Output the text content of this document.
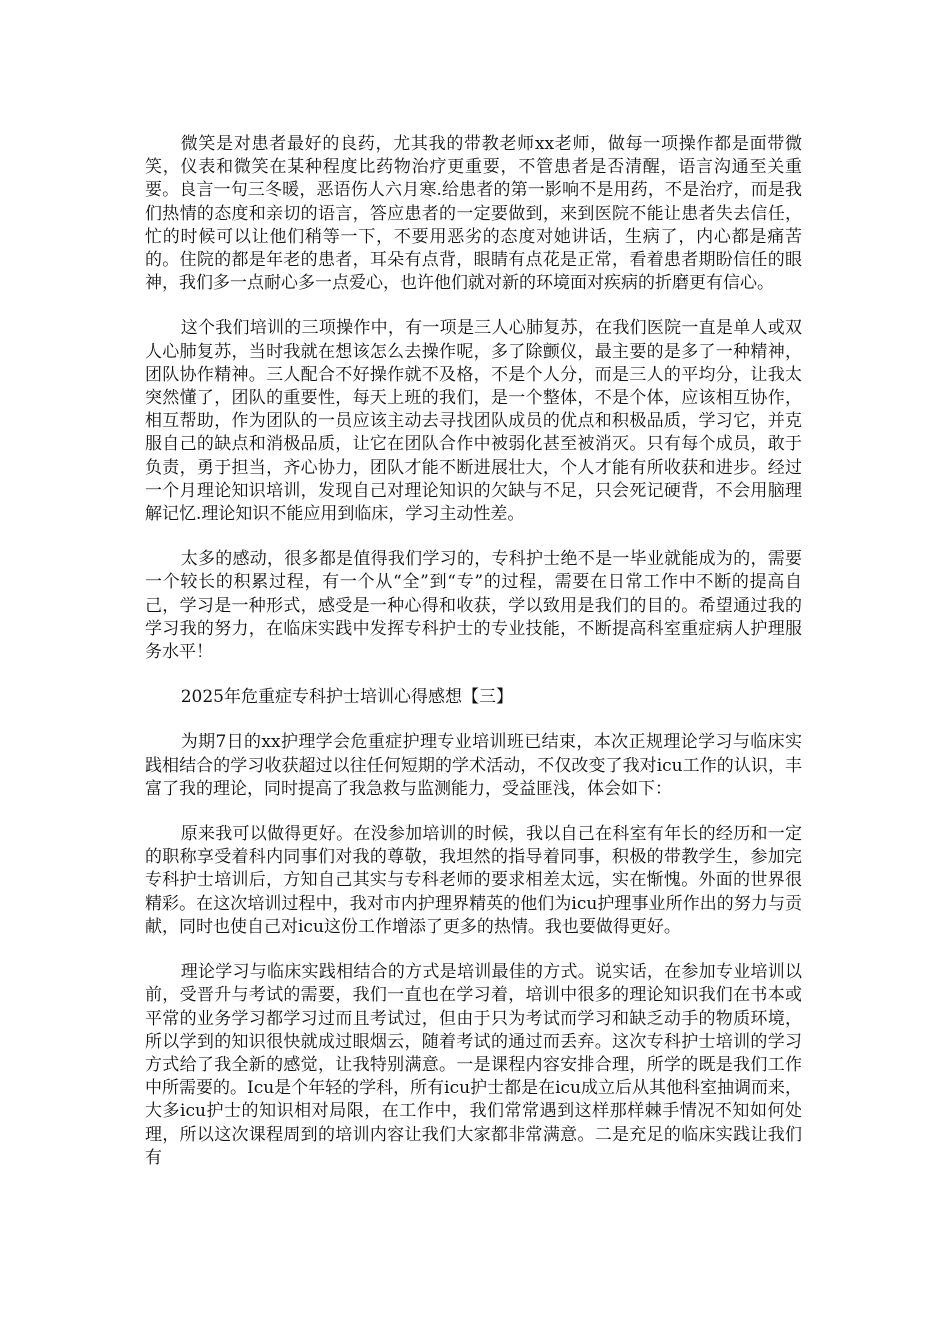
微笑是对患者最好的良药，尤其我的带教老师xx老师，做每一项操作都是面带微笑，仪表和微笑在某种程度比药物治疗更重要，不管患者是否清醒，语言沟通至关重要。良言一句三冬暖，恶语伤人六月寒.给患者的第一影响不是用药，不是治疗，而是我们热情的态度和亲切的语言，答应患者的一定要做到，来到医院不能让患者失去信任，忙的时候可以让他们稍等一下，不要用恶劣的态度对她讲话，生病了，内心都是痛苦的。住院的都是年老的患者，耳朵有点背，眼睛有点花是正常，看着患者期盼信任的眼神，我们多一点耐心多一点爱心，也许他们就对新的环境面对疾病的折磨更有信心。

这个我们培训的三项操作中，有一项是三人心肺复苏，在我们医院一直是单人或双人心肺复苏，当时我就在想该怎么去操作呢，多了除颤仪，最主要的是多了一种精神，团队协作精神。三人配合不好操作就不及格，不是个人分，而是三人的平均分，让我太突然懂了，团队的重要性，每天上班的我们，是一个整体，不是个体，应该相互协作，相互帮助，作为团队的一员应该主动去寻找团队成员的优点和积极品质，学习它，并克服自己的缺点和消极品质，让它在团队合作中被弱化甚至被消灭。只有每个成员，敢于负责，勇于担当，齐心协力，团队才能不断进展壮大，个人才能有所收获和进步。经过一个月理论知识培训，发现自己对理论知识的欠缺与不足，只会死记硬背，不会用脑理解记忆.理论知识不能应用到临床，学习主动性差。

太多的感动，很多都是值得我们学习的，专科护士绝不是一毕业就能成为的，需要一个较长的积累过程，有一个从“全”到“专”的过程，需要在日常工作中不断的提高自己，学习是一种形式，感受是一种心得和收获，学以致用是我们的目的。希望通过我的学习我的努力，在临床实践中发挥专科护士的专业技能，不断提高科室重症病人护理服务水平！

2025年危重症专科护士培训心得感想【三】

为期7日的xx护理学会危重症护理专业培训班已结束，本次正规理论学习与临床实践相结合的学习收获超过以往任何短期的学术活动，不仅改变了我对icu工作的认识，丰富了我的理论，同时提高了我急救与监测能力，受益匪浅，体会如下：

原来我可以做得更好。在没参加培训的时候，我以自己在科室有年长的经历和一定的职称享受着科内同事们对我的尊敬，我坦然的指导着同事，积极的带教学生，参加完专科护士培训后，方知自己其实与专科老师的要求相差太远，实在惭愧。外面的世界很精彩。在这次培训过程中，我对市内护理界精英的他们为icu护理事业所作出的努力与贡献，同时也使自己对icu这份工作增添了更多的热情。我也要做得更好。

理论学习与临床实践相结合的方式是培训最佳的方式。说实话，在参加专业培训以前，受晋升与考试的需要，我们一直也在学习着，培训中很多的理论知识我们在书本或平常的业务学习都学习过而且考试过，但由于只为考试而学习和缺乏动手的物质环境，所以学到的知识很快就成过眼烟云，随着考试的通过而丢弃。这次专科护士培训的学习方式给了我全新的感觉，让我特别满意。一是课程内容安排合理，所学的既是我们工作中所需要的。Icu是个年轻的学科，所有icu护士都是在icu成立后从其他科室抽调而来，大多icu护士的知识相对局限，在工作中，我们常常遇到这样那样棘手情况不知如何处理，所以这次课程周到的培训内容让我们大家都非常满意。二是充足的临床实践让我们有
